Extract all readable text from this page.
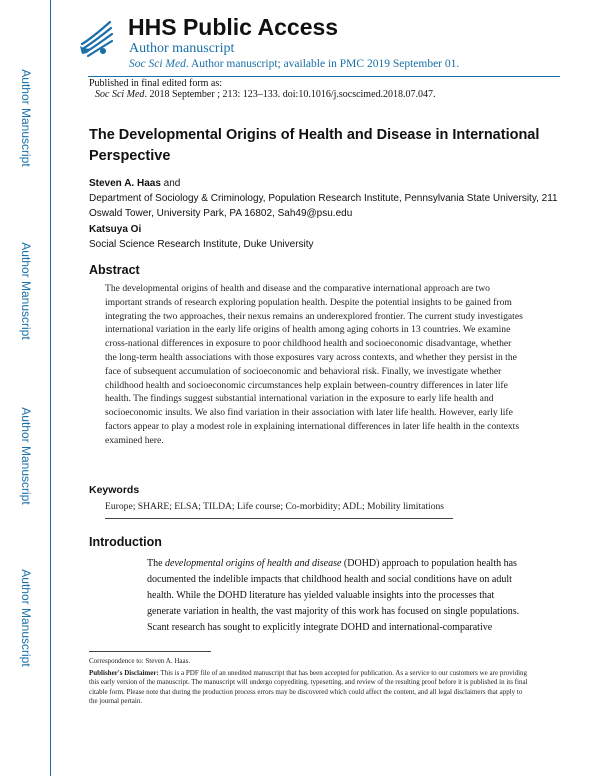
Author Manuscript
Author Manuscript
Author Manuscript
Author Manuscript
HHS Public Access
Author manuscript
Soc Sci Med. Author manuscript; available in PMC 2019 September 01.
Published in final edited form as:
Soc Sci Med. 2018 September ; 213: 123–133. doi:10.1016/j.socscimed.2018.07.047.
The Developmental Origins of Health and Disease in International Perspective
Steven A. Haas and
Department of Sociology & Criminology, Population Research Institute, Pennsylvania State University, 211 Oswald Tower, University Park, PA 16802, Sah49@psu.edu
Katsuya Oi
Social Science Research Institute, Duke University
Abstract
The developmental origins of health and disease and the comparative international approach are two important strands of research exploring population health. Despite the potential insights to be gained from integrating the two approaches, their nexus remains an underexplored frontier. The current study investigates international variation in the early life origins of health among aging cohorts in 13 countries. We examine cross-national differences in exposure to poor childhood health and socioeconomic disadvantage, whether the long-term health associations with those exposures vary across contexts, and whether they persist in the face of subsequent accumulation of socioeconomic and behavioral risk. Finally, we investigate whether childhood health and socioeconomic circumstances help explain between-country differences in later life health. The findings suggest substantial international variation in the exposure to early life health and socioeconomic insults. We also find variation in their association with later life health. However, early life factors appear to play a modest role in explaining international differences in later life health in the contexts examined here.
Keywords
Europe; SHARE; ELSA; TILDA; Life course; Co-morbidity; ADL; Mobility limitations
Introduction

The developmental origins of health and disease (DOHD) approach to population health has documented the indelible impacts that childhood health and social conditions have on adult health. While the DOHD literature has yielded valuable insights into the processes that generate variation in health, the vast majority of this work has focused on single populations. Scant research has sought to explicitly integrate DOHD and international-comparative

Correspondence to: Steven A. Haas.
Publisher's Disclaimer: This is a PDF file of an unedited manuscript that has been accepted for publication. As a service to our customers we are providing this early version of the manuscript. The manuscript will undergo copyediting, typesetting, and review of the resulting proof before it is published in its final citable form. Please note that during the production process errors may be discovered which could affect the content, and all legal disclaimers that apply to the journal pertain.
